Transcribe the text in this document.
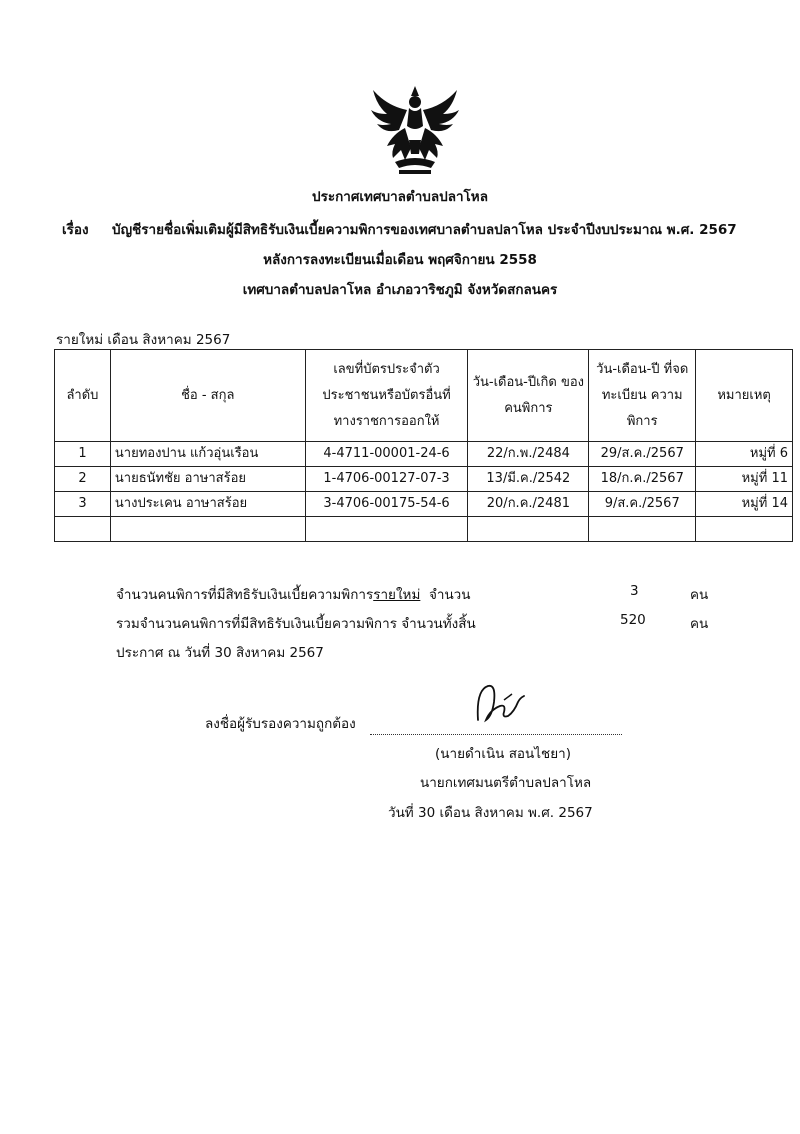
ประกาศเทศบาลตำบลปลาโหล
เรื่อง บัญชีรายชื่อเพิ่มเติมผู้มีสิทธิรับเงินเบี้ยความพิการของเทศบาลตำบลปลาโหล ประจำปีงบประมาณ พ.ศ. 2567
หลังการลงทะเบียนเมื่อเดือน พฤศจิกายน 2558
เทศบาลตำบลปลาโหล อำเภอวาริชภูมิ จังหวัดสกลนคร
รายใหม่ เดือน สิงหาคม 2567
ลำดับ	ชื่อ - สกุล	เลขที่บัตรประจำตัว ประชาชนหรือบัตรอื่นที่ ทางราชการออกให้	วัน-เดือน-ปีเกิด ของคนพิการ	วัน-เดือน-ปี ที่จดทะเบียน ความพิการ	หมายเหตุ
1	นายทองปาน แก้วอุ่นเรือน	4-4711-00001-24-6	22/ก.พ./2484	29/ส.ค./2567	หมู่ที่ 6
2	นายธนัทชัย อาษาสร้อย	1-4706-00127-07-3	13/มี.ค./2542	18/ก.ค./2567	หมู่ที่ 11
3	นางประเคน อาษาสร้อย	3-4706-00175-54-6	20/ก.ค./2481	9/ส.ค./2567	หมู่ที่ 14

จำนวนคนพิการที่มีสิทธิรับเงินเบี้ยความพิการรายใหม่ จำนวน	3	คน
รวมจำนวนคนพิการที่มีสิทธิรับเงินเบี้ยความพิการ จำนวนทั้งสิ้น	520	คน
ประกาศ ณ วันที่ 30 สิงหาคม 2567
ลงชื่อผู้รับรองความถูกต้อง
(นายดำเนิน สอนไชยา)
นายกเทศมนตรีตำบลปลาโหล
วันที่ 30 เดือน สิงหาคม พ.ศ. 2567
